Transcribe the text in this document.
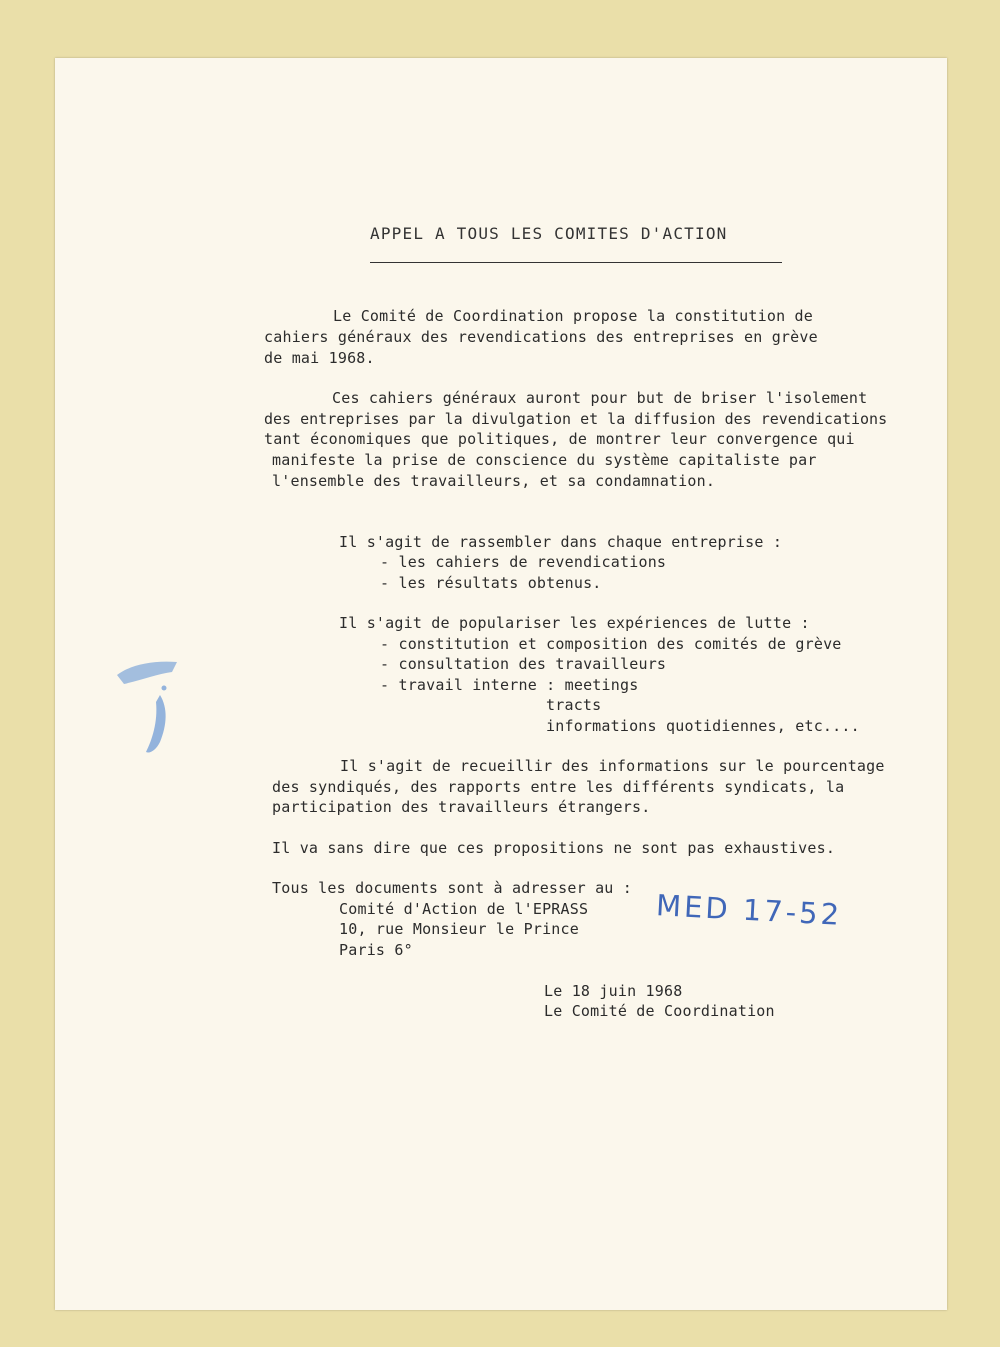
APPEL A TOUS LES COMITES D'ACTION
Le Comité de Coordination propose la constitution de
cahiers généraux des revendications des entreprises en grève
de mai 1968.
Ces cahiers généraux auront pour but de briser l'isolement
des entreprises par la divulgation et la diffusion des revendications
tant économiques que politiques, de montrer leur convergence qui
manifeste la prise de conscience du système capitaliste par
l'ensemble des travailleurs, et sa condamnation.
Il s'agit de rassembler dans chaque entreprise :
- les cahiers de revendications
- les résultats obtenus.
Il s'agit de populariser les expériences de lutte :
- constitution et composition des comités de grève
- consultation des travailleurs
- travail interne : meetings
tracts
informations quotidiennes, etc....
Il s'agit de recueillir des informations sur le pourcentage
des syndiqués, des rapports entre les différents syndicats, la
participation des travailleurs étrangers.
Il va sans dire que ces propositions ne sont pas exhaustives.
Tous les documents sont à adresser au :
Comité d'Action de l'EPRASS
10, rue Monsieur le Prince
Paris 6°
Le 18 juin 1968
Le Comité de Coordination
MED 17-52
